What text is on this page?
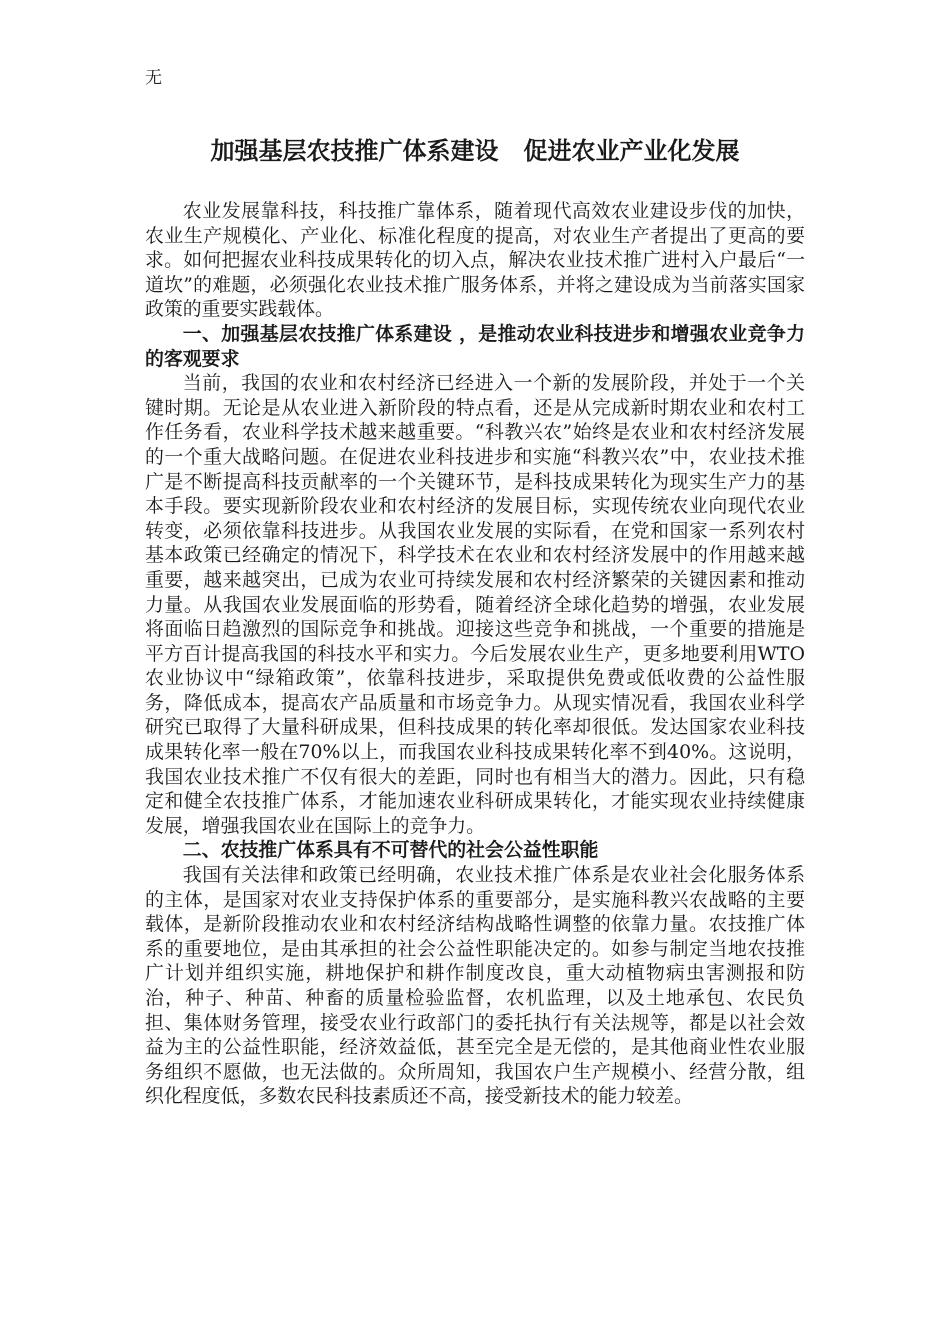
无
加强基层农技推广体系建设   促进农业产业化发展

农业发展靠科技，科技推广靠体系，随着现代高效农业建设步伐的加快，农业生产规模化、产业化、标准化程度的提高，对农业生产者提出了更高的要求。如何把握农业科技成果转化的切入点，解决农业技术推广进村入户最后“一道坎”的难题，必须强化农业技术推广服务体系，并将之建设成为当前落实国家政策的重要实践载体。

一、加强基层农技推广体系建设 ，是推动农业科技进步和增强农业竞争力的客观要求

当前，我国的农业和农村经济已经进入一个新的发展阶段，并处于一个关键时期。无论是从农业进入新阶段的特点看，还是从完成新时期农业和农村工作任务看，农业科学技术越来越重要。“科教兴农”始终是农业和农村经济发展的一个重大战略问题。在促进农业科技进步和实施“科教兴农”中，农业技术推广是不断提高科技贡献率的一个关键环节，是科技成果转化为现实生产力的基本手段。要实现新阶段农业和农村经济的发展目标，实现传统农业向现代农业转变，必须依靠科技进步。从我国农业发展的实际看，在党和国家一系列农村基本政策已经确定的情况下，科学技术在农业和农村经济发展中的作用越来越重要，越来越突出，已成为农业可持续发展和农村经济繁荣的关键因素和推动力量。从我国农业发展面临的形势看，随着经济全球化趋势的增强，农业发展将面临日趋激烈的国际竞争和挑战。迎接这些竞争和挑战，一个重要的措施是平方百计提高我国的科技水平和实力。今后发展农业生产，更多地要利用WTO农业协议中“绿箱政策”，依靠科技进步，采取提供免费或低收费的公益性服务，降低成本，提高农产品质量和市场竞争力。从现实情况看，我国农业科学研究已取得了大量科研成果，但科技成果的转化率却很低。发达国家农业科技成果转化率一般在70%以上，而我国农业科技成果转化率不到40%。这说明，我国农业技术推广不仅有很大的差距，同时也有相当大的潜力。因此，只有稳定和健全农技推广体系，才能加速农业科研成果转化，才能实现农业持续健康发展，增强我国农业在国际上的竞争力。

二、农技推广体系具有不可替代的社会公益性职能

我国有关法律和政策已经明确，农业技术推广体系是农业社会化服务体系的主体，是国家对农业支持保护体系的重要部分，是实施科教兴农战略的主要载体，是新阶段推动农业和农村经济结构战略性调整的依靠力量。农技推广体系的重要地位，是由其承担的社会公益性职能决定的。如参与制定当地农技推广计划并组织实施，耕地保护和耕作制度改良，重大动植物病虫害测报和防治，种子、种苗、种畜的质量检验监督，农机监理，以及土地承包、农民负担、集体财务管理，接受农业行政部门的委托执行有关法规等，都是以社会效益为主的公益性职能，经济效益低，甚至完全是无偿的，是其他商业性农业服务组织不愿做，也无法做的。众所周知，我国农户生产规模小、经营分散，组织化程度低，多数农民科技素质还不高，接受新技术的能力较差。
